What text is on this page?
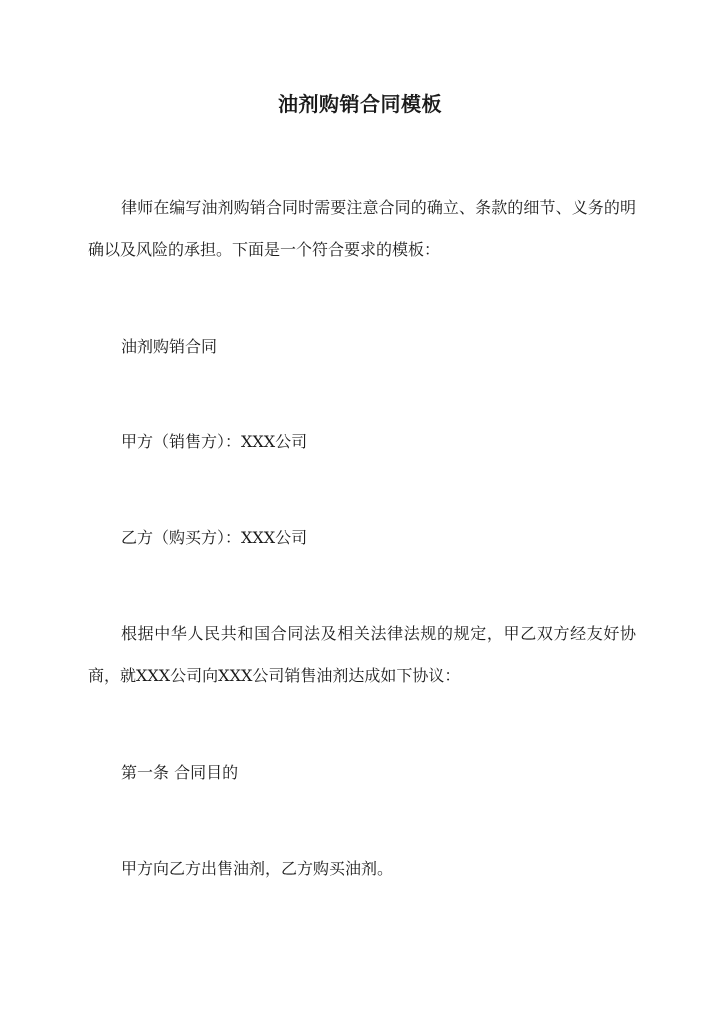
油剂购销合同模板

律师在编写油剂购销合同时需要注意合同的确立、条款的细节、义务的明确以及风险的承担。下面是一个符合要求的模板：

油剂购销合同

甲方（销售方）：XXX公司

乙方（购买方）：XXX公司

根据中华人民共和国合同法及相关法律法规的规定，甲乙双方经友好协商，就XXX公司向XXX公司销售油剂达成如下协议：

第一条 合同目的

甲方向乙方出售油剂，乙方购买油剂。
